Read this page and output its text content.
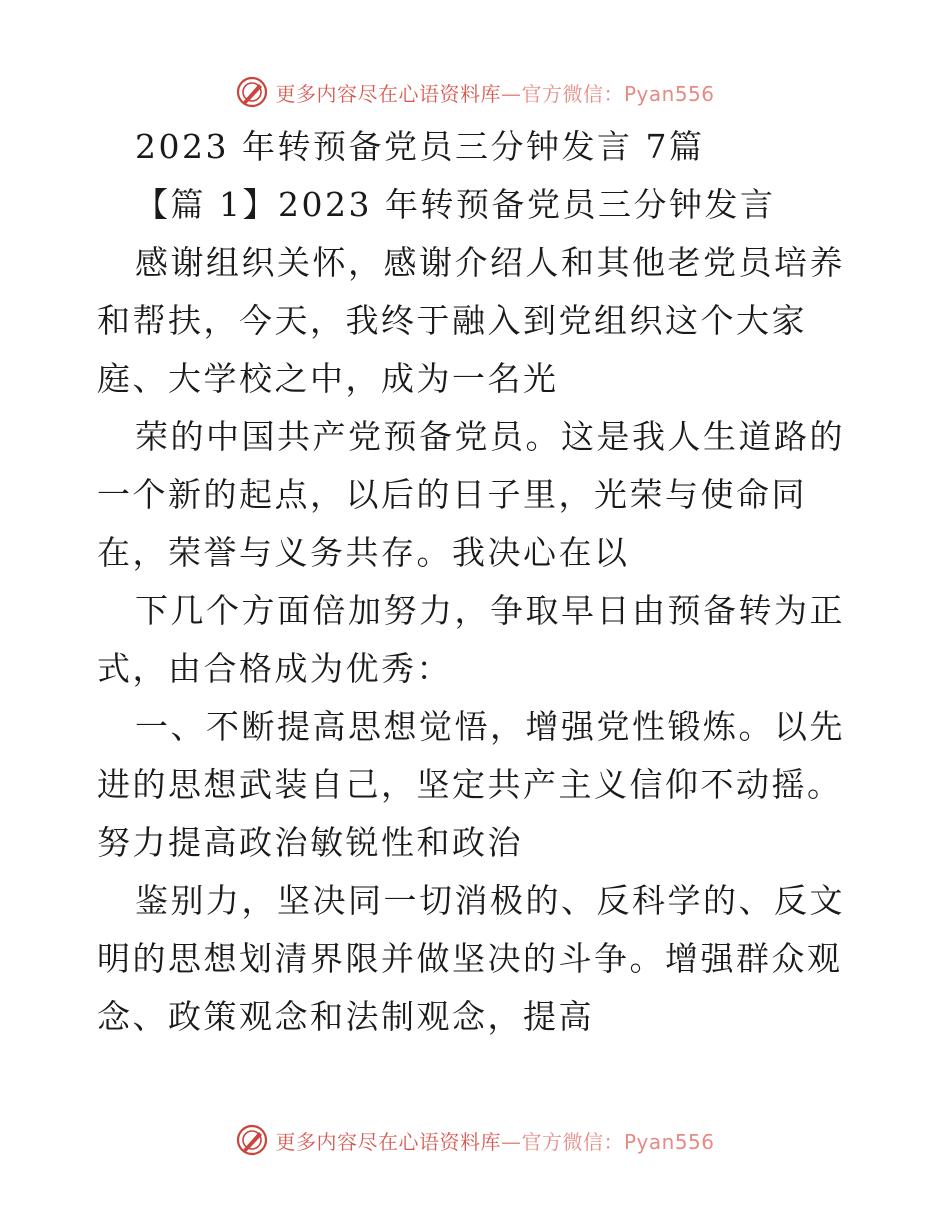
更多内容尽在心语资料库—官方微信：Pyan556

2023 年转预备党员三分钟发言 7篇

【篇 1】2023 年转预备党员三分钟发言

感谢组织关怀，感谢介绍人和其他老党员培养和帮扶，今天，我终于融入到党组织这个大家庭、大学校之中，成为一名光

荣的中国共产党预备党员。这是我人生道路的一个新的起点，以后的日子里，光荣与使命同在，荣誉与义务共存。我决心在以

下几个方面倍加努力，争取早日由预备转为正式，由合格成为优秀：

一、不断提高思想觉悟，增强党性锻炼。以先进的思想武装自己，坚定共产主义信仰不动摇。努力提高政治敏锐性和政治

鉴别力，坚决同一切消极的、反科学的、反文明的思想划清界限并做坚决的斗争。增强群众观念、政策观念和法制观念，提高

更多内容尽在心语资料库—官方微信：Pyan556
